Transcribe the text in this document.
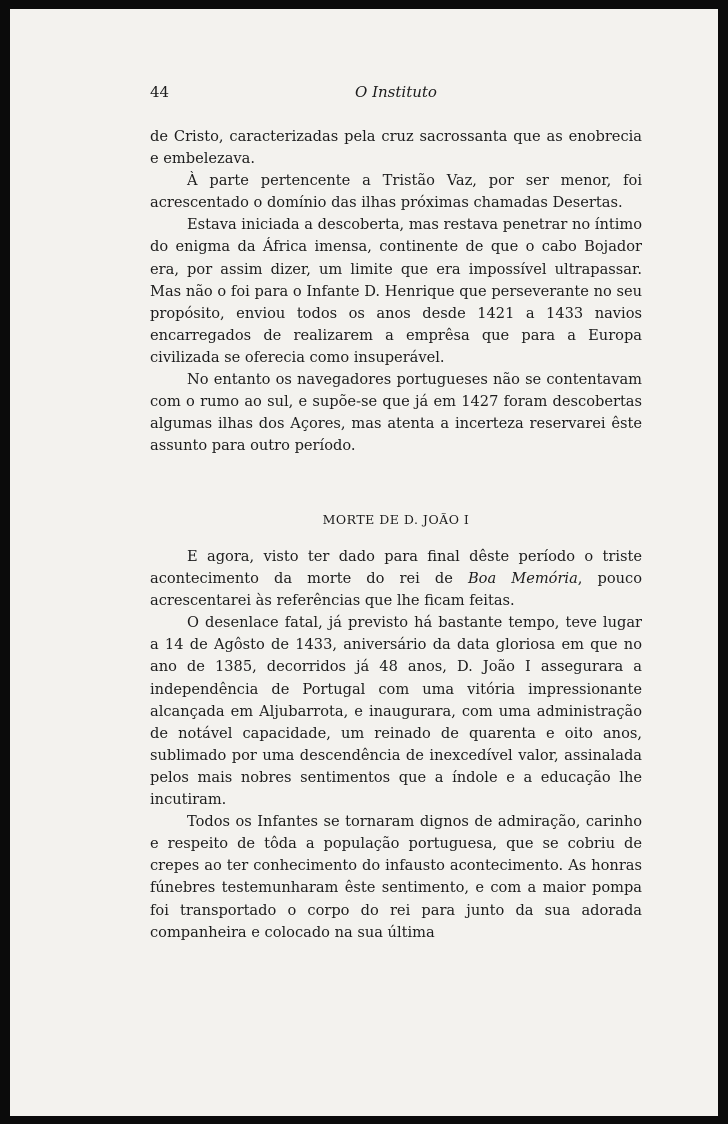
44	O Instituto

de Cristo, caracterizadas pela cruz sacrossanta que as enobrecia e embelezava.

À parte pertencente a Tristão Vaz, por ser menor, foi acrescentado o domínio das ilhas próximas chamadas Desertas.

Estava iniciada a descoberta, mas restava penetrar no íntimo do enigma da África imensa, continente de que o cabo Bojador era, por assim dizer, um limite que era impossível ultrapassar. Mas não o foi para o Infante D. Henrique que perseverante no seu propósito, enviou todos os anos desde 1421 a 1433 navios encarregados de realizarem a emprêsa que para a Europa civilizada se oferecia como insuperável.

No entanto os navegadores portugueses não se contentavam com o rumo ao sul, e supõe-se que já em 1427 foram descobertas algumas ilhas dos Açores, mas atenta a incerteza reservarei êste assunto para outro período.

MORTE DE D. JOÃO I

E agora, visto ter dado para final dêste período o triste acontecimento da morte do rei de Boa Memória, pouco acrescentarei às referências que lhe ficam feitas.

O desenlace fatal, já previsto há bastante tempo, teve lugar a 14 de Agôsto de 1433, aniversário da data gloriosa em que no ano de 1385, decorridos já 48 anos, D. João I assegurara a independência de Portugal com uma vitória impressionante alcançada em Aljubarrota, e inaugurara, com uma administração de notável capacidade, um reinado de quarenta e oito anos, sublimado por uma descendência de inexcedível valor, assinalada pelos mais nobres sentimentos que a índole e a educação lhe incutiram.

Todos os Infantes se tornaram dignos de admiração, carinho e respeito de tôda a população portuguesa, que se cobriu de crepes ao ter conhecimento do infausto acontecimento. As honras fúnebres testemunharam êste sentimento, e com a maior pompa foi transportado o corpo do rei para junto da sua adorada companheira e colocado na sua última
